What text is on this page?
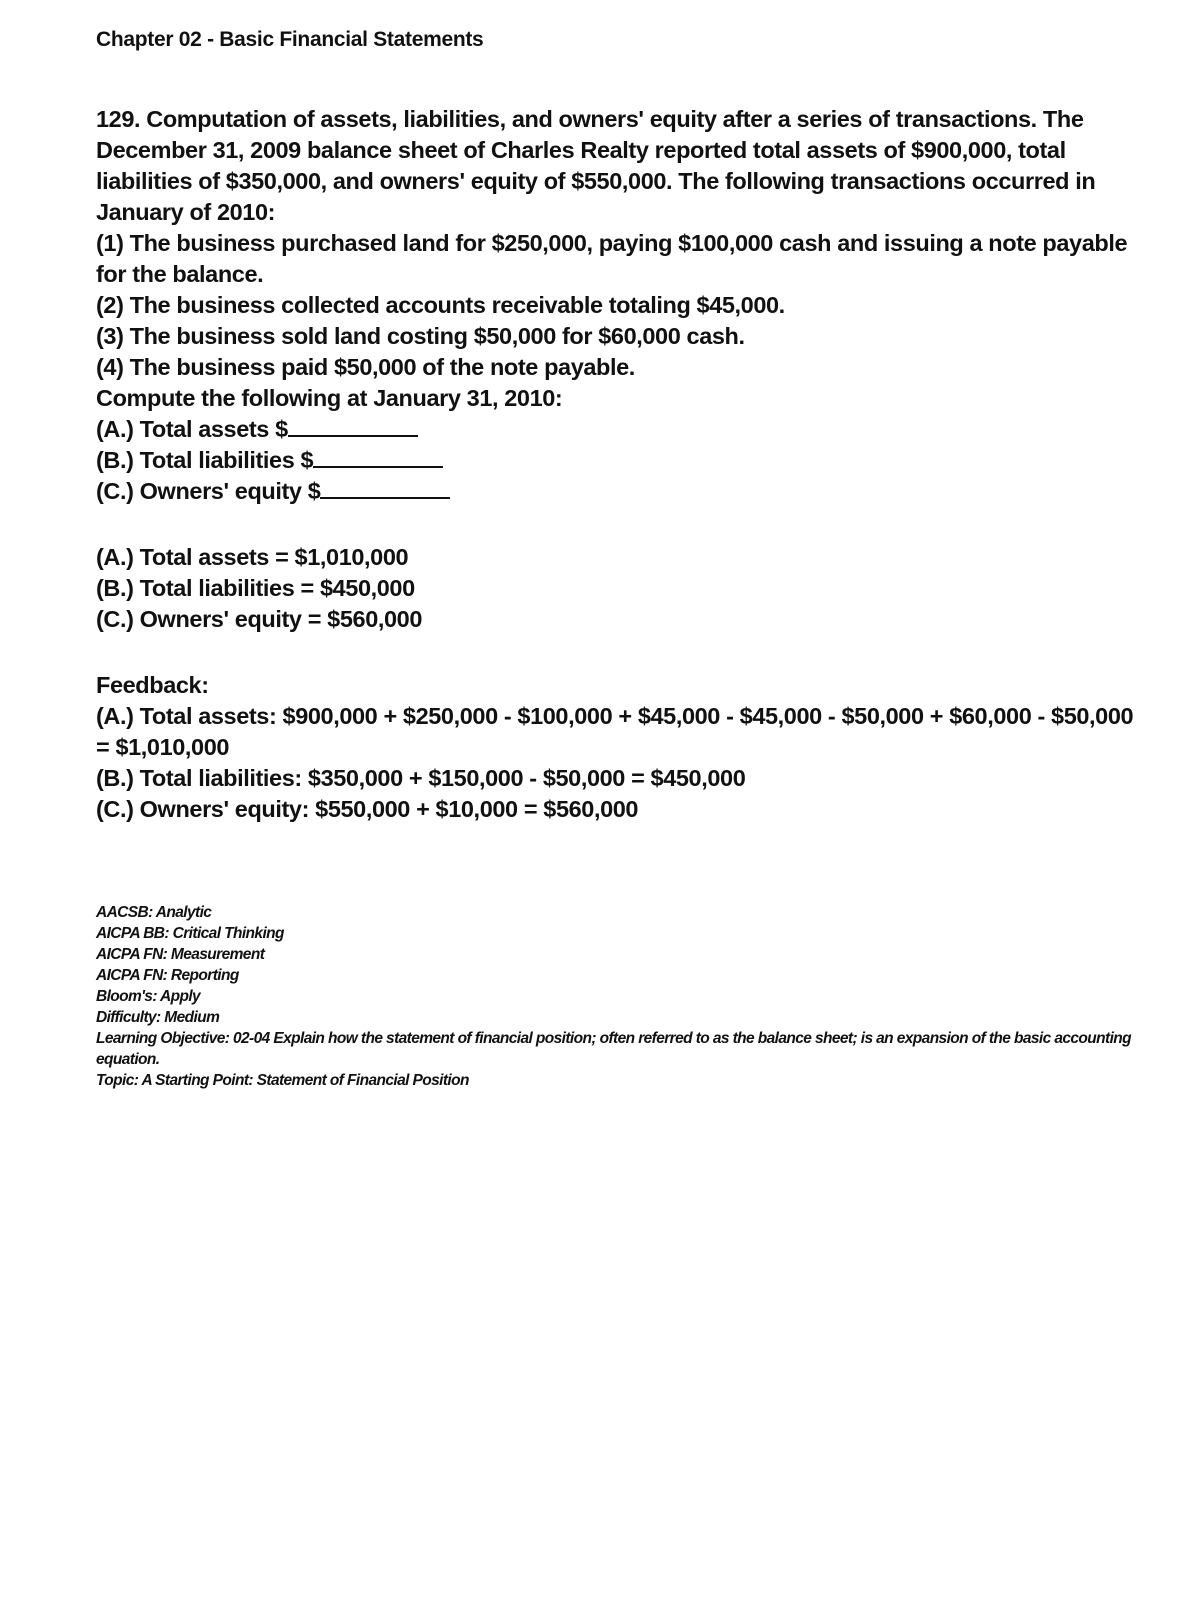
Chapter 02 - Basic Financial Statements

129. Computation of assets, liabilities, and owners' equity after a series of transactions. The December 31, 2009 balance sheet of Charles Realty reported total assets of $900,000, total liabilities of $350,000, and owners' equity of $550,000. The following transactions occurred in January of 2010:

(1) The business purchased land for $250,000, paying $100,000 cash and issuing a note payable for the balance.

(2) The business collected accounts receivable totaling $45,000.

(3) The business sold land costing $50,000 for $60,000 cash.

(4) The business paid $50,000 of the note payable.

Compute the following at January 31, 2010:

(A.) Total assets $

(B.) Total liabilities $

(C.) Owners' equity $

(A.) Total assets = $1,010,000

(B.) Total liabilities = $450,000

(C.) Owners' equity = $560,000

Feedback:

(A.) Total assets: $900,000 + $250,000 - $100,000 + $45,000 - $45,000 - $50,000 + $60,000 - $50,000 = $1,010,000

(B.) Total liabilities: $350,000 + $150,000 - $50,000 = $450,000

(C.) Owners' equity: $550,000 + $10,000 = $560,000

AACSB: Analytic

AICPA BB: Critical Thinking

AICPA FN: Measurement

AICPA FN: Reporting

Bloom's: Apply

Difficulty: Medium

Learning Objective: 02-04 Explain how the statement of financial position; often referred to as the balance sheet; is an expansion of the basic accounting equation.

Topic: A Starting Point: Statement of Financial Position
